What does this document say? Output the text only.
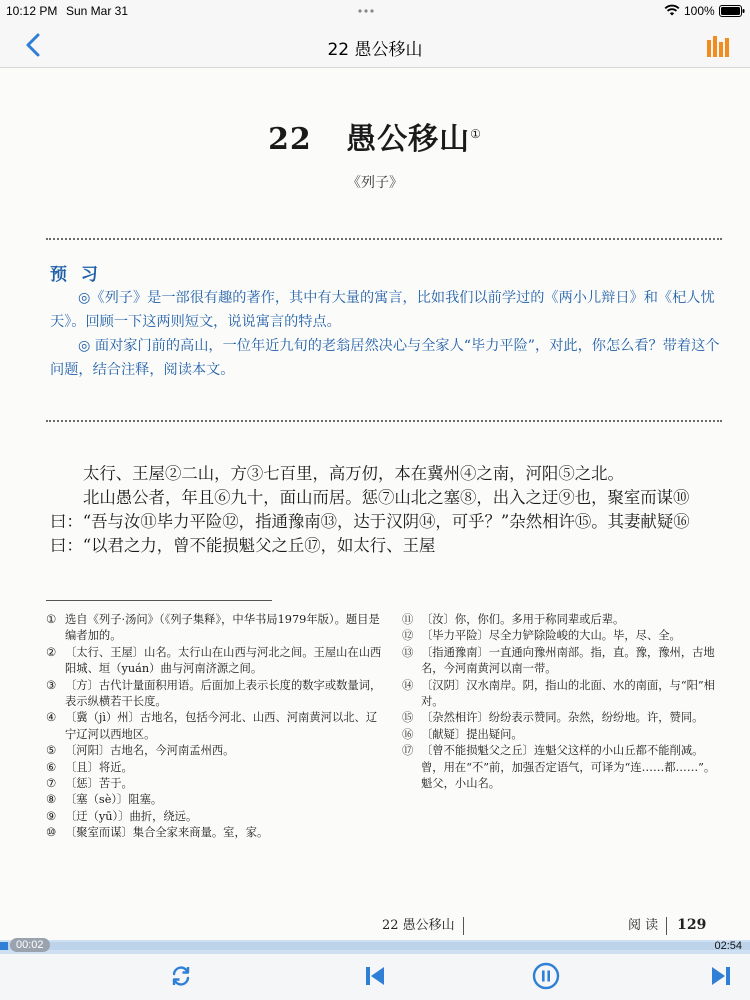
10:12 PM Sun Mar 31	100%
22 愚公移山
22 愚公移山①
《列子》
预 习

◎《列子》是一部很有趣的著作，其中有大量的寓言，比如我们以前学过的《两小儿辩日》和《杞人忧天》。回顾一下这两则短文，说说寓言的特点。

◎ 面对家门前的高山，一位年近九旬的老翁居然决心与全家人“毕力平险”，对此，你怎么看？带着这个问题，结合注释，阅读本文。

太行、王屋②二山，方③七百里，高万仞，本在冀州④之南，河阳⑤之北。

北山愚公者，年且⑥九十，面山而居。惩⑦山北之塞⑧，出入之迂⑨也，聚室而谋⑩曰：“吾与汝⑪毕力平险⑫，指通豫南⑬，达于汉阴⑭，可乎？”杂然相许⑮。其妻献疑⑯曰：“以君之力，曾不能损魁父之丘⑰，如太行、王屋

① 选自《列子·汤问》（《列子集释》，中华书局1979年版）。题目是编者加的。
② 〔太行、王屋〕山名。太行山在山西与河北之间。王屋山在山西阳城、垣（yuán）曲与河南济源之间。
③ 〔方〕古代计量面积用语。后面加上表示长度的数字或数量词，表示纵横若干长度。
④ 〔冀（jì）州〕古地名，包括今河北、山西、河南黄河以北、辽宁辽河以西地区。
⑤ 〔河阳〕古地名，今河南孟州西。
⑥ 〔且〕将近。
⑦ 〔惩〕苦于。
⑧ 〔塞（sè）〕阻塞。
⑨ 〔迂（yū）〕曲折，绕远。
⑩ 〔聚室而谋〕集合全家来商量。室，家。
⑪ 〔汝〕你，你们。多用于称同辈或后辈。
⑫ 〔毕力平险〕尽全力铲除险峻的大山。毕，尽、全。
⑬ 〔指通豫南〕一直通向豫州南部。指，直。豫，豫州，古地名，今河南黄河以南一带。
⑭ 〔汉阴〕汉水南岸。阴，指山的北面、水的南面，与“阳”相对。
⑮ 〔杂然相许〕纷纷表示赞同。杂然，纷纷地。许，赞同。
⑯ 〔献疑〕提出疑问。
⑰ 〔曾不能损魁父之丘〕连魁父这样的小山丘都不能削减。曾，用在“不”前，加强否定语气，可译为“连……都……”。魁父，小山名。
22 愚公移山	阅 读 129
00:02	02:54
